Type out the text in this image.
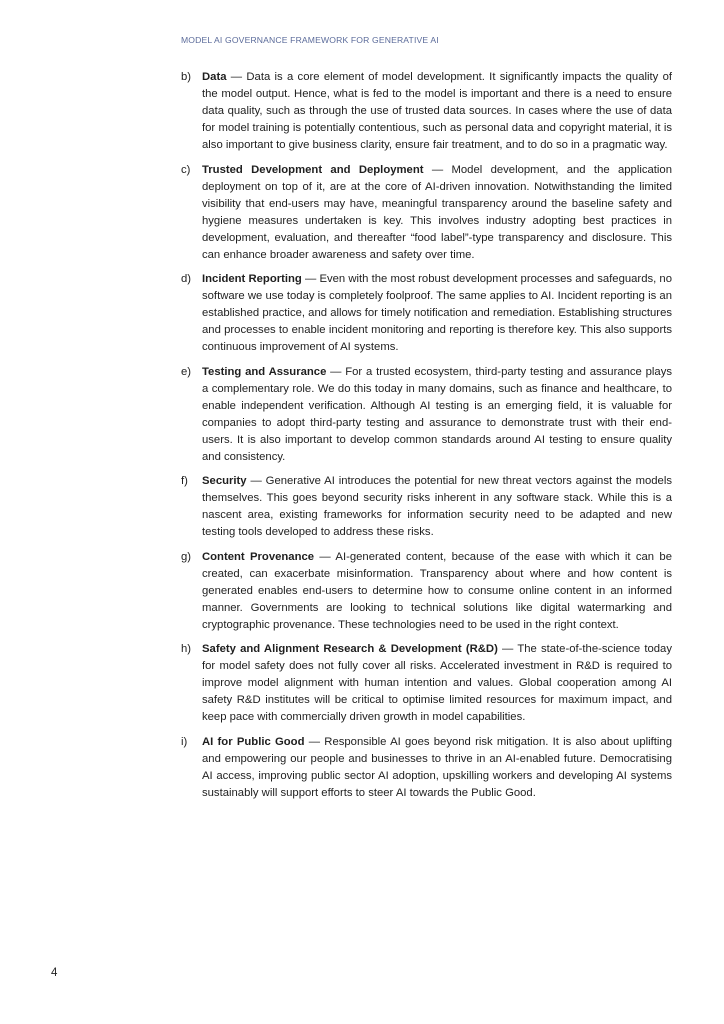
MODEL AI GOVERNANCE FRAMEWORK FOR GENERATIVE AI
b) Data — Data is a core element of model development. It significantly impacts the quality of the model output. Hence, what is fed to the model is important and there is a need to ensure data quality, such as through the use of trusted data sources. In cases where the use of data for model training is potentially contentious, such as personal data and copyright material, it is also important to give business clarity, ensure fair treatment, and to do so in a pragmatic way.
c)	Trusted Development and Deployment — Model development, and the application deployment on top of it, are at the core of AI-driven innovation. Notwithstanding the limited visibility that end-users may have, meaningful transparency around the baseline safety and hygiene measures undertaken is key. This involves industry adopting best practices in development, evaluation, and thereafter “food label”-type transparency and disclosure. This can enhance broader awareness and safety over time.
d) Incident Reporting — Even with the most robust development processes and safeguards, no software we use today is completely foolproof. The same applies to AI. Incident reporting is an established practice, and allows for timely notification and remediation. Establishing structures and processes to enable incident monitoring and reporting is therefore key. This also supports continuous improvement of AI systems.
e) Testing and Assurance — For a trusted ecosystem, third-party testing and assurance plays a complementary role. We do this today in many domains, such as finance and healthcare, to enable independent verification. Although AI testing is an emerging field, it is valuable for companies to adopt third-party testing and assurance to demonstrate trust with their end-users. It is also important to develop common standards around AI testing to ensure quality and consistency.
f)	Security — Generative AI introduces the potential for new threat vectors against the models themselves. This goes beyond security risks inherent in any software stack. While this is a nascent area, existing frameworks for information security need to be adapted and new testing tools developed to address these risks.
g) Content Provenance — AI-generated content, because of the ease with which it can be created, can exacerbate misinformation. Transparency about where and how content is generated enables end-users to determine how to consume online content in an informed manner. Governments are looking to technical solutions like digital watermarking and cryptographic provenance. These technologies need to be used in the right context.
h) Safety and Alignment Research & Development (R&D) — The state-of-the-science today for model safety does not fully cover all risks. Accelerated investment in R&D is required to improve model alignment with human intention and values. Global cooperation among AI safety R&D institutes will be critical to optimise limited resources for maximum impact, and keep pace with commercially driven growth in model capabilities.
i)	AI for Public Good — Responsible AI goes beyond risk mitigation. It is also about uplifting and empowering our people and businesses to thrive in an AI-enabled future. Democratising AI access, improving public sector AI adoption, upskilling workers and developing AI systems sustainably will support efforts to steer AI towards the Public Good.
4
